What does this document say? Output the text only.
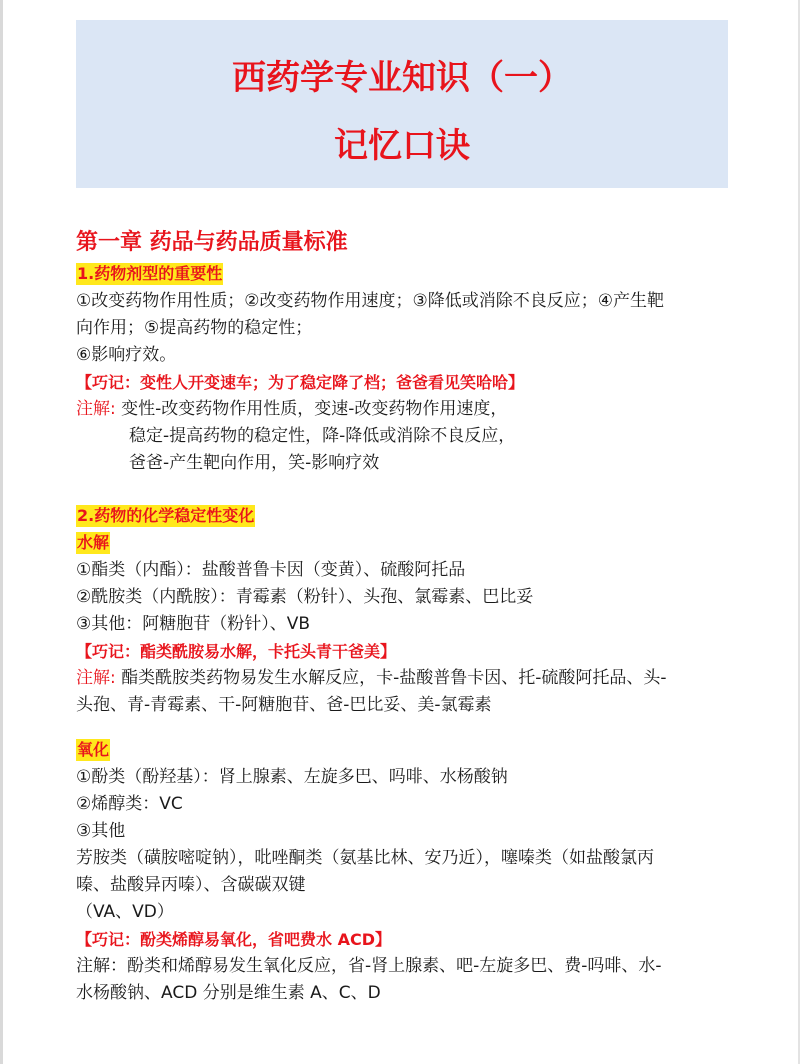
西药学专业知识（一）
记忆口诀
第一章 药品与药品质量标准
1.药物剂型的重要性
①改变药物作用性质；②改变药物作用速度；③降低或消除不良反应；④产生靶
向作用；⑤提高药物的稳定性；
⑥影响疗效。
【巧记：变性人开变速车；为了稳定降了档；爸爸看见笑哈哈】
注解: 变性-改变药物作用性质，变速-改变药物作用速度，
稳定-提高药物的稳定性，降-降低或消除不良反应，
爸爸-产生靶向作用，笑-影响疗效
2.药物的化学稳定性变化
水解
①酯类（内酯）：盐酸普鲁卡因（变黄）、硫酸阿托品
②酰胺类（内酰胺）：青霉素（粉针）、头孢、氯霉素、巴比妥
③其他：阿糖胞苷（粉针）、VB
【巧记：酯类酰胺易水解，卡托头青干爸美】
注解: 酯类酰胺类药物易发生水解反应，卡-盐酸普鲁卡因、托-硫酸阿托品、头-
头孢、青-青霉素、干-阿糖胞苷、爸-巴比妥、美-氯霉素
氧化
①酚类（酚羟基）：肾上腺素、左旋多巴、吗啡、水杨酸钠
②烯醇类：VC
③其他
芳胺类（磺胺嘧啶钠），吡唑酮类（氨基比林、安乃近），噻嗪类（如盐酸氯丙
嗪、盐酸异丙嗪）、含碳碳双键
（VA、VD）
【巧记：酚类烯醇易氧化，省吧费水 ACD】
注解：酚类和烯醇易发生氧化反应，省-肾上腺素、吧-左旋多巴、费-吗啡、水-
水杨酸钠、ACD 分别是维生素 A、C、D
